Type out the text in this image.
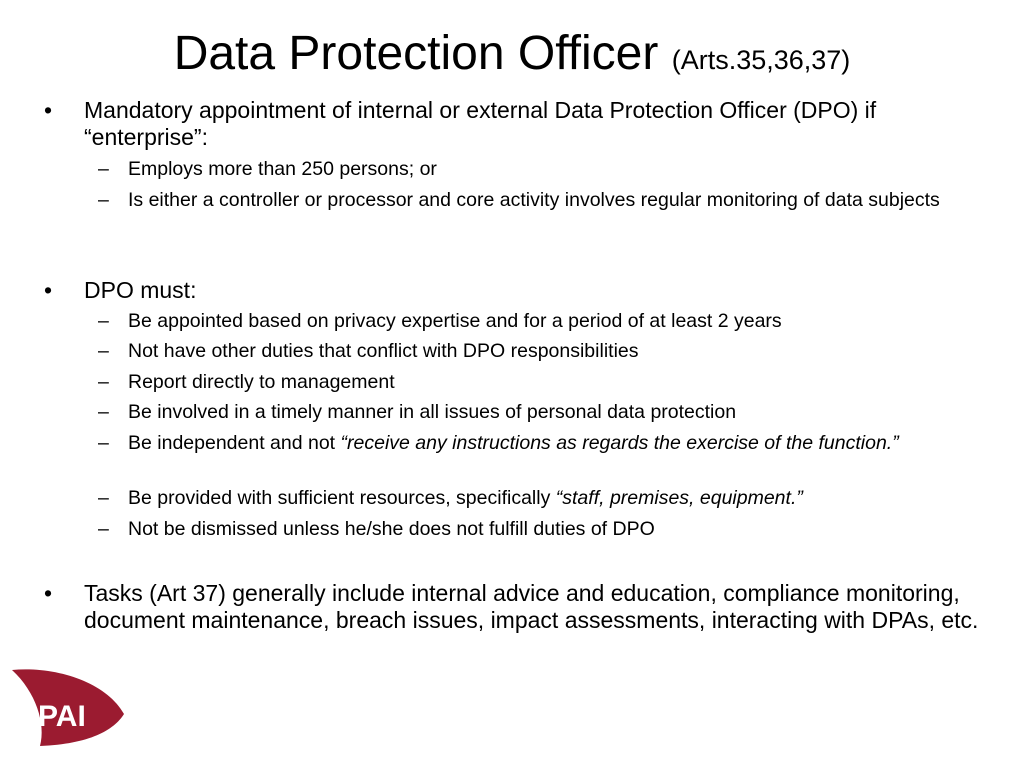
Data Protection Officer (Arts.35,36,37)
• Mandatory appointment of internal or external Data Protection Officer (DPO) if “enterprise”:

– Employs more than 250 persons; or

– Is either a controller or processor and core activity involves regular monitoring of data subjects

• DPO must:

– Be appointed based on privacy expertise and for a period of at least 2 years

– Not have other duties that conflict with DPO responsibilities

– Report directly to management

– Be involved in a timely manner in all issues of personal data protection

– Be independent and not “receive any instructions as regards the exercise of the function.”

– Be provided with sufficient resources, specifically “staff, premises, equipment.”

– Not be dismissed unless he/she does not fulfill duties of DPO

• Tasks (Art 37) generally include internal advice and education, compliance monitoring, document maintenance, breach issues, impact assessments, interacting with DPAs, etc.

PAI
